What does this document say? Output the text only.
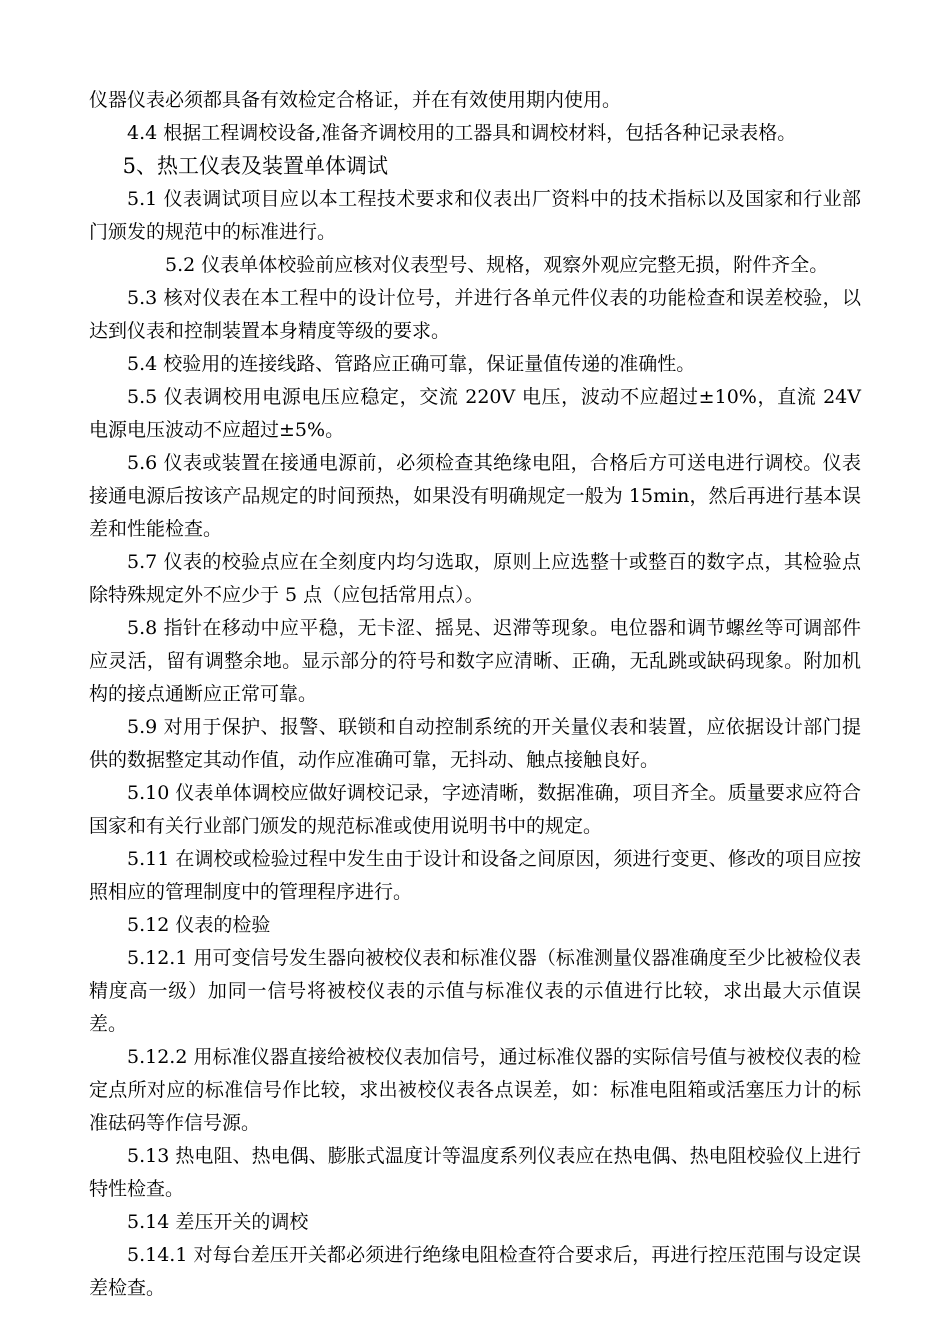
仪器仪表必须都具备有效检定合格证，并在有效使用期内使用。

4.4 根据工程调校设备,准备齐调校用的工器具和调校材料，包括各种记录表格。

5、热工仪表及装置单体调试

5.1 仪表调试项目应以本工程技术要求和仪表出厂资料中的技术指标以及国家和行业部门颁发的规范中的标准进行。

5.2 仪表单体校验前应核对仪表型号、规格，观察外观应完整无损，附件齐全。

5.3 核对仪表在本工程中的设计位号，并进行各单元件仪表的功能检查和误差校验，以达到仪表和控制装置本身精度等级的要求。

5.4 校验用的连接线路、管路应正确可靠，保证量值传递的准确性。

5.5 仪表调校用电源电压应稳定，交流 220V 电压，波动不应超过±10%，直流 24V 电源电压波动不应超过±5%。

5.6 仪表或装置在接通电源前，必须检查其绝缘电阻，合格后方可送电进行调校。仪表接通电源后按该产品规定的时间预热，如果没有明确规定一般为 15min，然后再进行基本误差和性能检查。

5.7 仪表的校验点应在全刻度内均匀选取，原则上应选整十或整百的数字点，其检验点除特殊规定外不应少于 5 点（应包括常用点）。

5.8 指针在移动中应平稳，无卡涩、摇晃、迟滞等现象。电位器和调节螺丝等可调部件应灵活，留有调整余地。显示部分的符号和数字应清晰、正确，无乱跳或缺码现象。附加机构的接点通断应正常可靠。

5.9 对用于保护、报警、联锁和自动控制系统的开关量仪表和装置，应依据设计部门提供的数据整定其动作值，动作应准确可靠，无抖动、触点接触良好。

5.10 仪表单体调校应做好调校记录，字迹清晰，数据准确，项目齐全。质量要求应符合国家和有关行业部门颁发的规范标准或使用说明书中的规定。

5.11 在调校或检验过程中发生由于设计和设备之间原因，须进行变更、修改的项目应按照相应的管理制度中的管理程序进行。

5.12 仪表的检验

5.12.1 用可变信号发生器向被校仪表和标准仪器（标准测量仪器准确度至少比被检仪表精度高一级）加同一信号将被校仪表的示值与标准仪表的示值进行比较，求出最大示值误差。

5.12.2 用标准仪器直接给被校仪表加信号，通过标准仪器的实际信号值与被校仪表的检定点所对应的标准信号作比较，求出被校仪表各点误差，如：标准电阻箱或活塞压力计的标准砝码等作信号源。

5.13 热电阻、热电偶、膨胀式温度计等温度系列仪表应在热电偶、热电阻校验仪上进行特性检查。

5.14 差压开关的调校

5.14.1 对每台差压开关都必须进行绝缘电阻检查符合要求后，再进行控压范围与设定误差检查。
